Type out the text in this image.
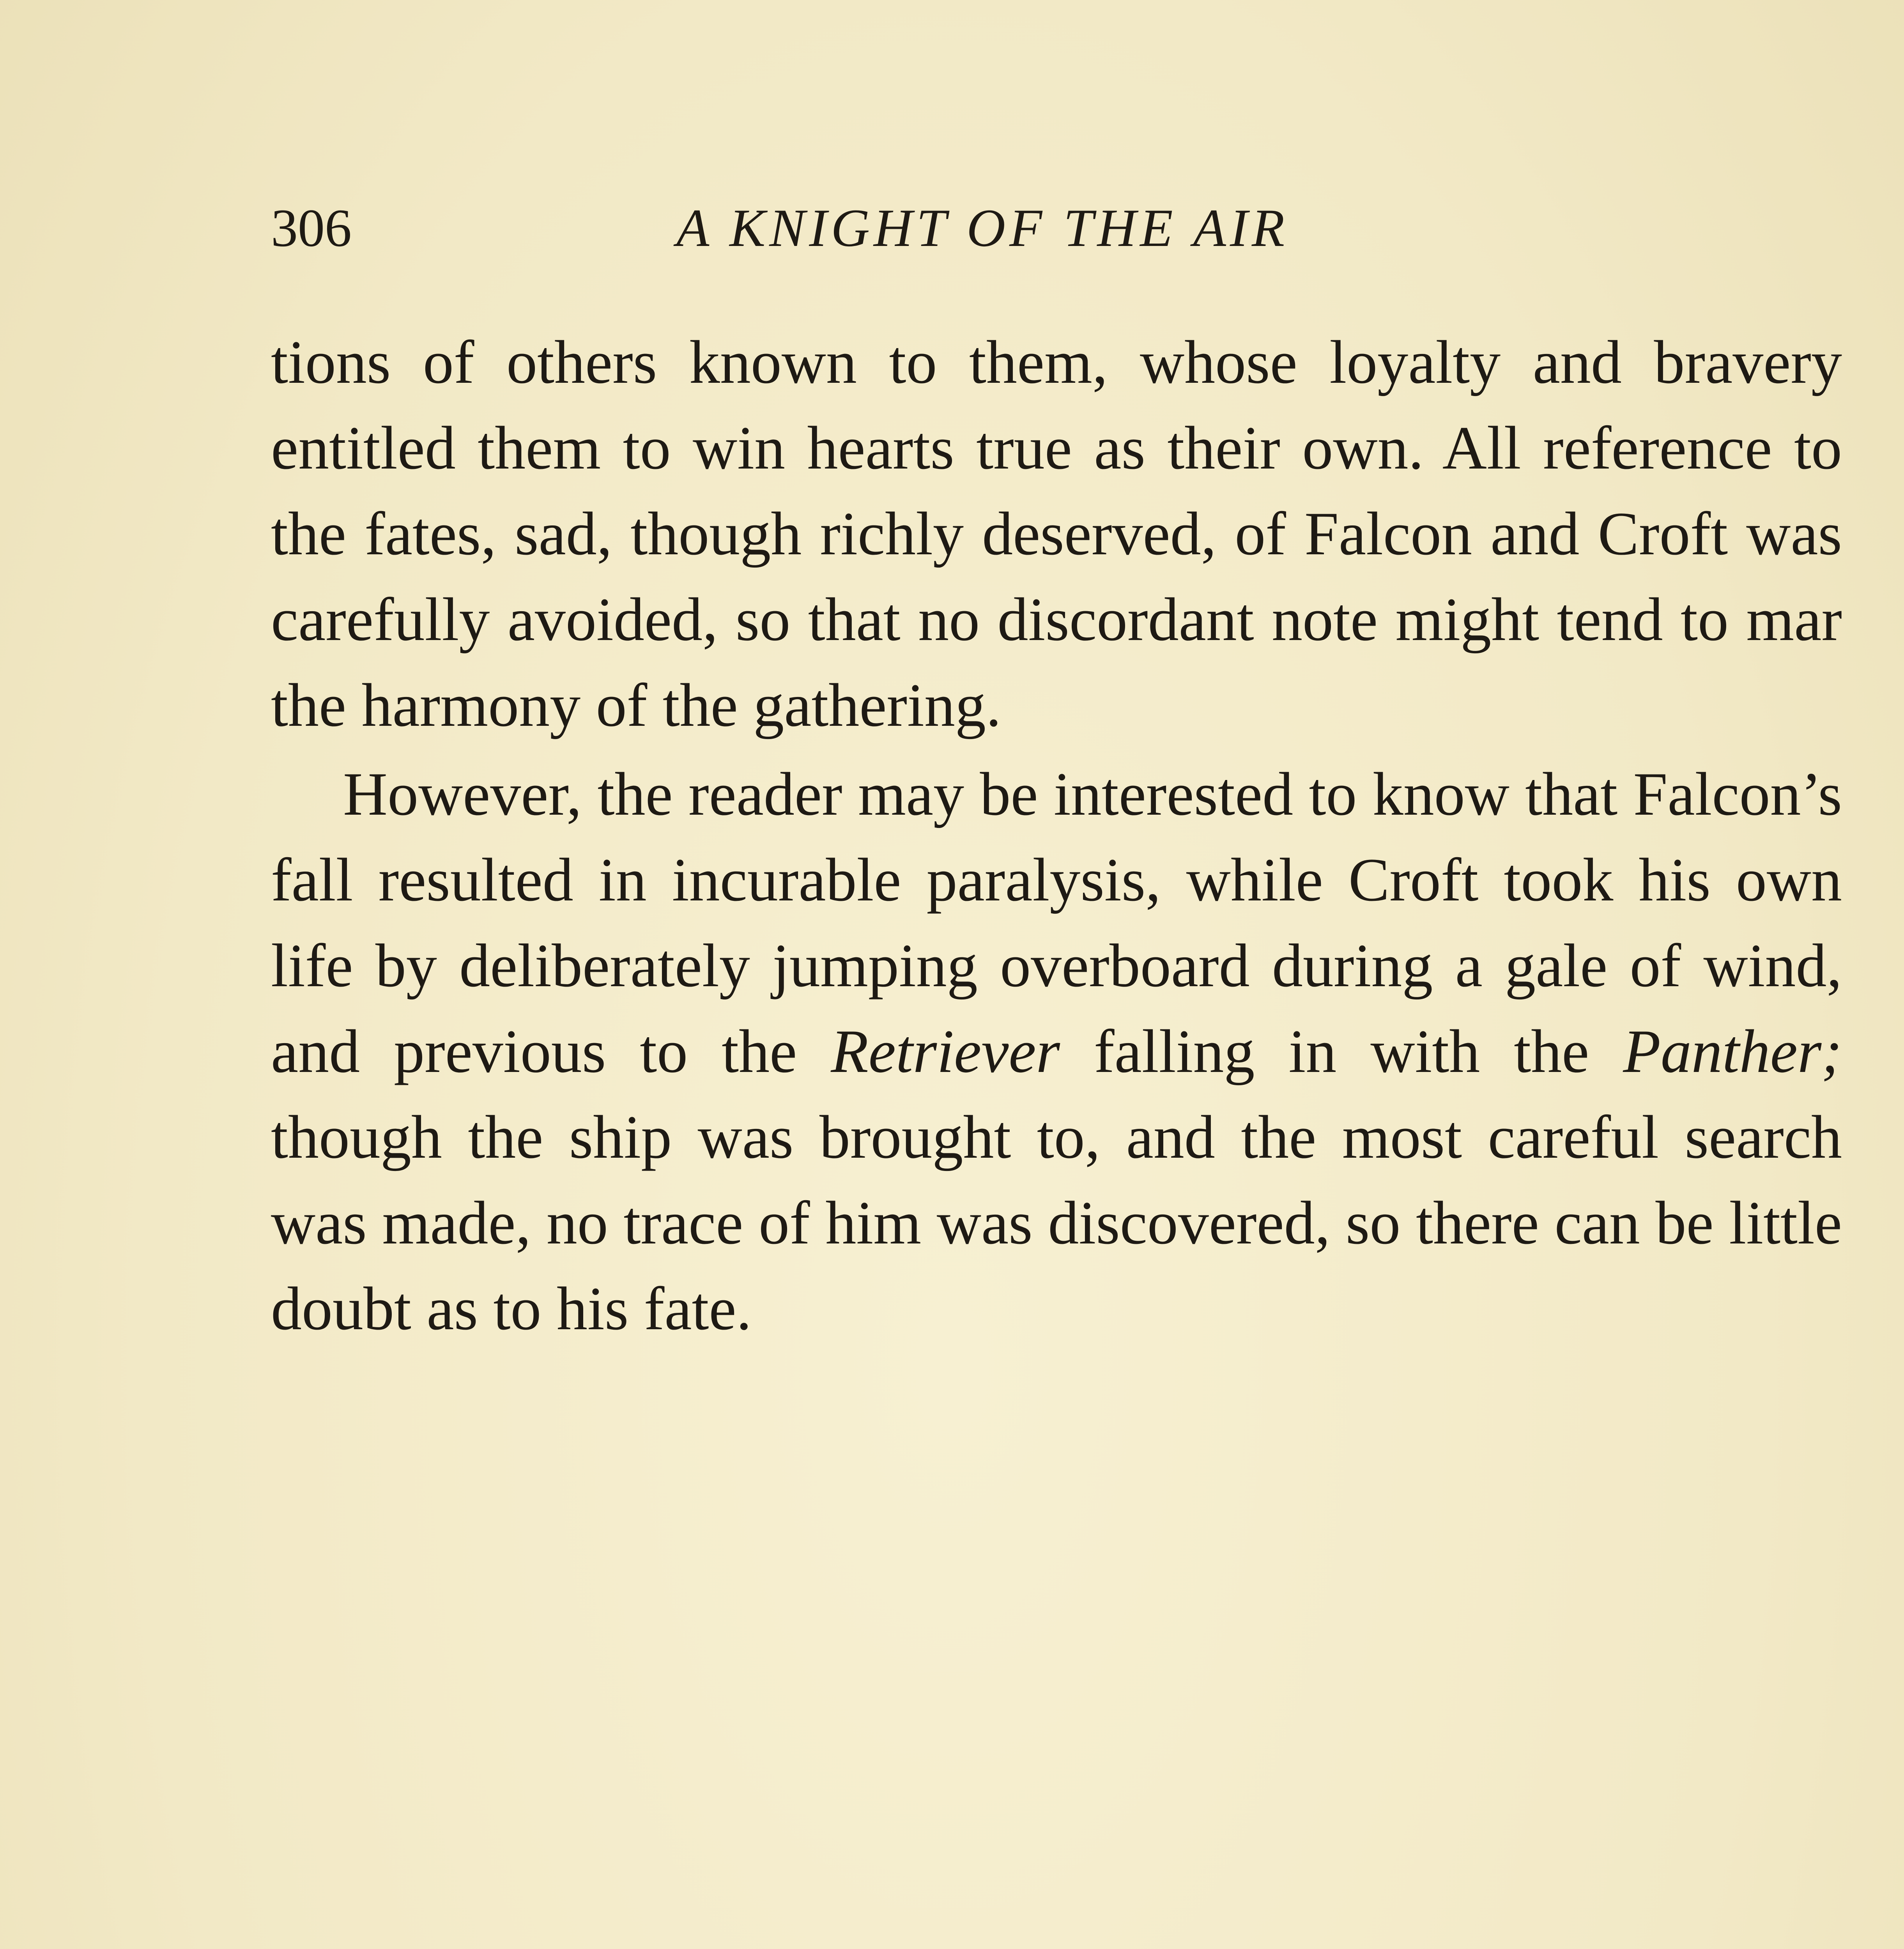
306	A KNIGHT OF THE AIR

tions of others known to them, whose loyalty and bravery entitled them to win hearts true as their own. All reference to the fates, sad, though richly deserved, of Falcon and Croft was carefully avoided, so that no discordant note might tend to mar the harmony of the gathering.

However, the reader may be interested to know that Falcon’s fall resulted in incurable paralysis, while Croft took his own life by deliberately jumping overboard during a gale of wind, and previous to the Retriever falling in with the Panther; though the ship was brought to, and the most careful search was made, no trace of him was discovered, so there can be little doubt as to his fate.
